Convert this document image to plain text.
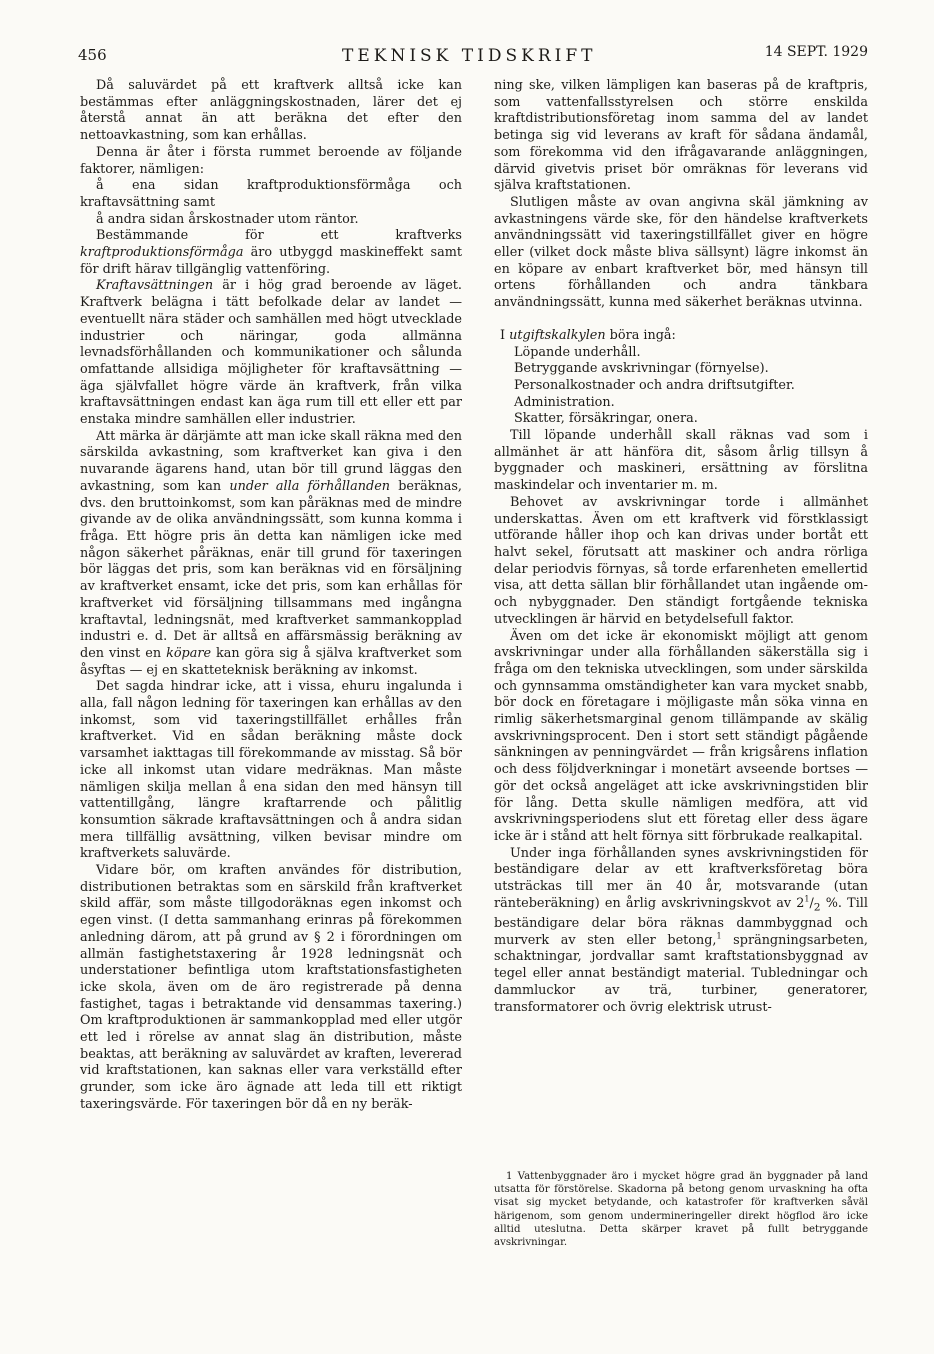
456	TEKNISK TIDSKRIFT	14 SEPT. 1929

Då saluvärdet på ett kraftverk alltså icke kan bestämmas efter anläggningskostnaden, lärer det ej återstå annat än att beräkna det efter den nettoavkastning, som kan erhållas.

Denna är åter i första rummet beroende av följande faktorer, nämligen:

å ena sidan kraftproduktionsförmåga och kraftavsättning samt

å andra sidan årskostnader utom räntor.

Bestämmande för ett kraftverks kraftproduktionsförmåga äro utbyggd maskineffekt samt för drift härav tillgänglig vattenföring.

Kraftavsättningen är i hög grad beroende av läget. Kraftverk belägna i tätt befolkade delar av landet — eventuellt nära städer och samhällen med högt utvecklade industrier och näringar, goda allmänna levnadsförhållanden och kommunikationer och sålunda omfattande allsidiga möjligheter för kraftavsättning — äga självfallet högre värde än kraftverk, från vilka kraftavsättningen endast kan äga rum till ett eller ett par enstaka mindre samhällen eller industrier.

Att märka är därjämte att man icke skall räkna med den särskilda avkastning, som kraftverket kan giva i den nuvarande ägarens hand, utan bör till grund läggas den avkastning, som kan under alla förhållanden beräknas, dvs. den bruttoinkomst, som kan påräknas med de mindre givande av de olika användningssätt, som kunna komma i fråga. Ett högre pris än detta kan nämligen icke med någon säkerhet påräknas, enär till grund för taxeringen bör läggas det pris, som kan beräknas vid en försäljning av kraftverket ensamt, icke det pris, som kan erhållas för kraftverket vid försäljning tillsammans med ingångna kraftavtal, ledningsnät, med kraftverket sammankopplad industri e. d. Det är alltså en affärsmässig beräkning av den vinst en köpare kan göra sig å själva kraftverket som åsyftas — ej en skatteteknisk beräkning av inkomst.

Det sagda hindrar icke, att i vissa, ehuru ingalunda i alla, fall någon ledning för taxeringen kan erhållas av den inkomst, som vid taxeringstillfället erhålles från kraftverket. Vid en sådan beräkning måste dock varsamhet iakttagas till förekommande av misstag. Så bör icke all inkomst utan vidare medräknas. Man måste nämligen skilja mellan å ena sidan den med hänsyn till vattentillgång, längre kraftarrende och pålitlig konsumtion säkrade kraftavsättningen och å andra sidan mera tillfällig avsättning, vilken bevisar mindre om kraftverkets saluvärde.

Vidare bör, om kraften användes för distribution, distributionen betraktas som en särskild från kraftverket skild affär, som måste tillgodoräknas egen inkomst och egen vinst. (I detta sammanhang erinras på förekommen anledning därom, att på grund av § 2 i förordningen om allmän fastighetstaxering år 1928 ledningsnät och understationer befintliga utom kraftstationsfastigheten icke skola, även om de äro registrerade på denna fastighet, tagas i betraktande vid densammas taxering.) Om kraftproduktionen är sammankopplad med eller utgör ett led i rörelse av annat slag än distribution, måste beaktas, att beräkning av saluvärdet av kraften, levererad vid kraftstationen, kan saknas eller vara verkställd efter grunder, som icke äro ägnade att leda till ett riktigt taxeringsvärde. För taxeringen bör då en ny beräk-

ning ske, vilken lämpligen kan baseras på de kraftpris, som vattenfallsstyrelsen och större enskilda kraftdistributionsföretag inom samma del av landet betinga sig vid leverans av kraft för sådana ändamål, som förekomma vid den ifrågavarande anläggningen, därvid givetvis priset bör omräknas för leverans vid själva kraftstationen.

Slutligen måste av ovan angivna skäl jämkning av avkastningens värde ske, för den händelse kraftverkets användningssätt vid taxeringstillfället giver en högre eller (vilket dock måste bliva sällsynt) lägre inkomst än en köpare av enbart kraftverket bör, med hänsyn till ortens förhållanden och andra tänkbara användningssätt, kunna med säkerhet beräknas utvinna.

I utgiftskalkylen böra ingå:

Löpande underhåll.

Betryggande avskrivningar (förnyelse).

Personalkostnader och andra driftsutgifter.

Administration.

Skatter, försäkringar, onera.

Till löpande underhåll skall räknas vad som i allmänhet är att hänföra dit, såsom årlig tillsyn å byggnader och maskineri, ersättning av förslitna maskindelar och inventarier m. m.

Behovet av avskrivningar torde i allmänhet underskattas. Även om ett kraftverk vid förstklassigt utförande håller ihop och kan drivas under bortåt ett halvt sekel, förutsatt att maskiner och andra rörliga delar periodvis förnyas, så torde erfarenheten emellertid visa, att detta sällan blir förhållandet utan ingående om- och nybyggnader. Den ständigt fortgående tekniska utvecklingen är härvid en betydelsefull faktor.

Även om det icke är ekonomiskt möjligt att genom avskrivningar under alla förhållanden säkerställa sig i fråga om den tekniska utvecklingen, som under särskilda och gynnsamma omständigheter kan vara mycket snabb, bör dock en företagare i möjligaste mån söka vinna en rimlig säkerhetsmarginal genom tillämpande av skälig avskrivningsprocent. Den i stort sett ständigt pågående sänkningen av penningvärdet — från krigsårens inflation och dess följdverkningar i monetärt avseende bortses — gör det också angeläget att icke avskrivningstiden blir för lång. Detta skulle nämligen medföra, att vid avskrivningsperiodens slut ett företag eller dess ägare icke är i stånd att helt förnya sitt förbrukade realkapital.

Under inga förhållanden synes avskrivningstiden för beständigare delar av ett kraftverksföretag böra utsträckas till mer än 40 år, motsvarande (utan ränteberäkning) en årlig avskrivningskvot av $2^1/_2$ %. Till beständigare delar böra räknas dammbyggnad och murverk av sten eller betong,$^1$ sprängningsarbeten, schaktningar, jordvallar samt kraftstationsbyggnad av tegel eller annat beständigt material. Tubledningar och dammluckor av trä, turbiner, generatorer, transformatorer och övrig elektrisk utrust-

1 Vattenbyggnader äro i mycket högre grad än byggnader på land utsatta för förstörelse. Skadorna på betong genom urvaskning ha ofta visat sig mycket betydande, och katastrofer för kraftverken såväl härigenom, som genom undermineringeller direkt högflod äro icke alltid uteslutna. Detta skärper kravet på fullt betryggande avskrivningar.
